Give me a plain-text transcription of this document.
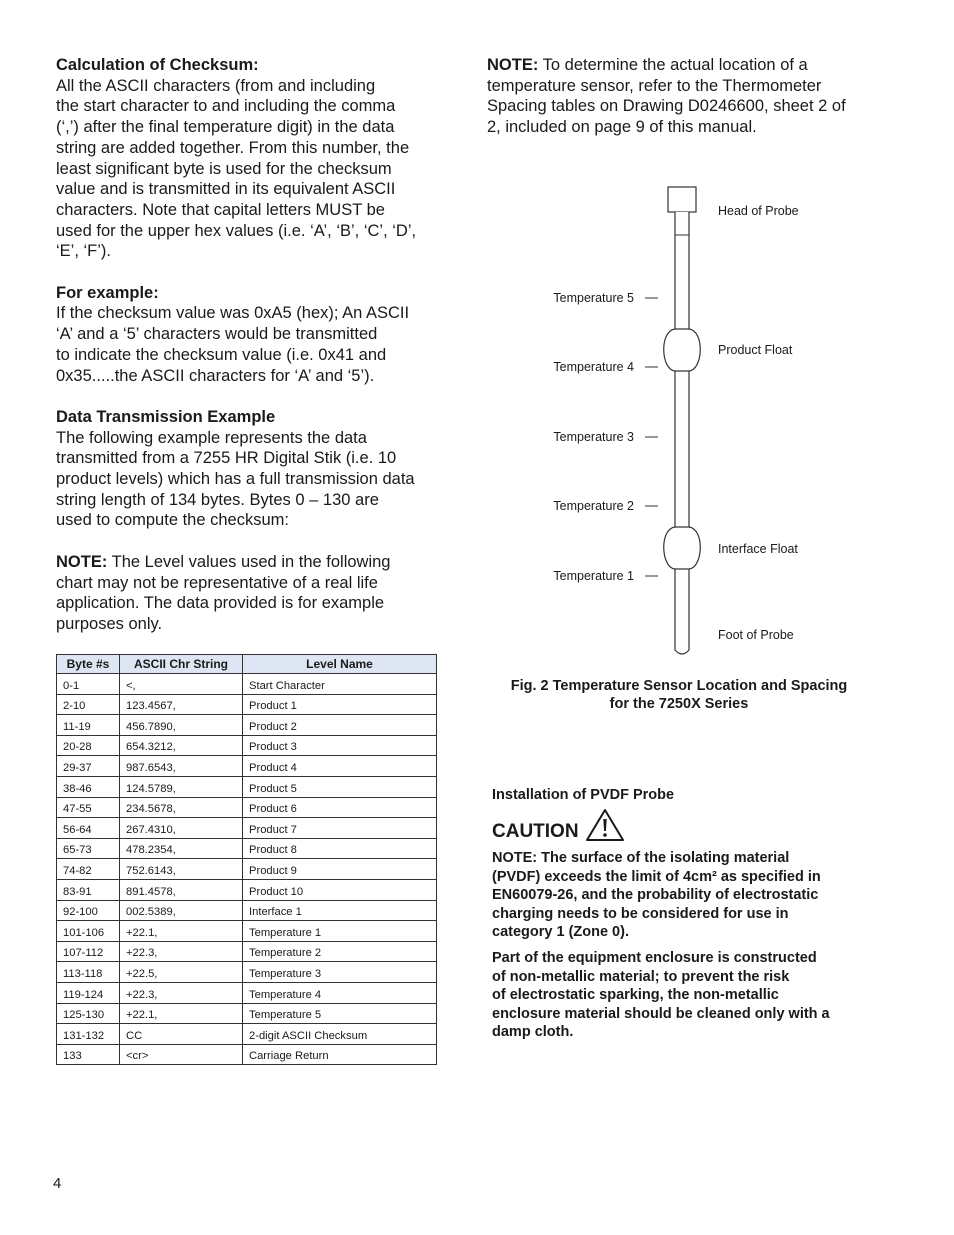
Calculation of Checksum:

All the ASCII characters (from and including

the start character to and including the comma

(‘,’) after the final temperature digit) in the data

string are added together. From this number, the

least significant byte is used for the checksum

value and is transmitted in its equivalent ASCII

characters. Note that capital letters MUST be

used for the upper hex values (i.e. ‘A’, ‘B’, ‘C’, ‘D’,

‘E’, ‘F’).

For example:

If the checksum value was 0xA5 (hex); An ASCII

‘A’ and a ‘5’ characters would be transmitted

to indicate the checksum value (i.e. 0x41 and

0x35.....the ASCII characters for ‘A’ and ‘5’).

Data Transmission Example

The following example represents the data

transmitted from a 7255 HR Digital Stik (i.e. 10

product levels) which has a full transmission data

string length of 134 bytes. Bytes 0 – 130 are

used to compute the checksum:

NOTE: The Level values used in the following

chart may not be representative of a real life

application. The data provided is for example

purposes only.

Byte #s	ASCII Chr String	Level Name
0-1	<,	Start Character
2-10	123.4567,	Product 1
11-19	456.7890,	Product 2
20-28	654.3212,	Product 3
29-37	987.6543,	Product 4
38-46	124.5789,	Product 5
47-55	234.5678,	Product 6
56-64	267.4310,	Product 7
65-73	478.2354,	Product 8
74-82	752.6143,	Product 9
83-91	891.4578,	Product 10
92-100	002.5389,	Interface 1
101-106	+22.1,	Temperature 1
107-112	+22.3,	Temperature 2
113-118	+22.5,	Temperature 3
119-124	+22.3,	Temperature 4
125-130	+22.1,	Temperature 5
131-132	CC	2-digit ASCII Checksum
133	<cr>	Carriage Return

NOTE: To determine the actual location of a

temperature sensor, refer to the Thermometer

Spacing tables on Drawing D0246600, sheet 2 of

2, included on page 9 of this manual.

Head of Probe
Product Float
Interface Float
Foot of Probe
Temperature 5
Temperature 4
Temperature 3
Temperature 2
Temperature 1
Fig. 2 Temperature Sensor Location and Spacing
for the 7250X Series
Installation of PVDF Probe
CAUTION

NOTE: The surface of the isolating material

(PVDF) exceeds the limit of 4cm² as specified in

EN60079-26, and the probability of electrostatic

charging needs to be considered for use in

category 1 (Zone 0).

Part of the equipment enclosure is constructed

of non-metallic material; to prevent the risk

of electrostatic sparking, the non-metallic

enclosure material should be cleaned only with a

damp cloth.

4
